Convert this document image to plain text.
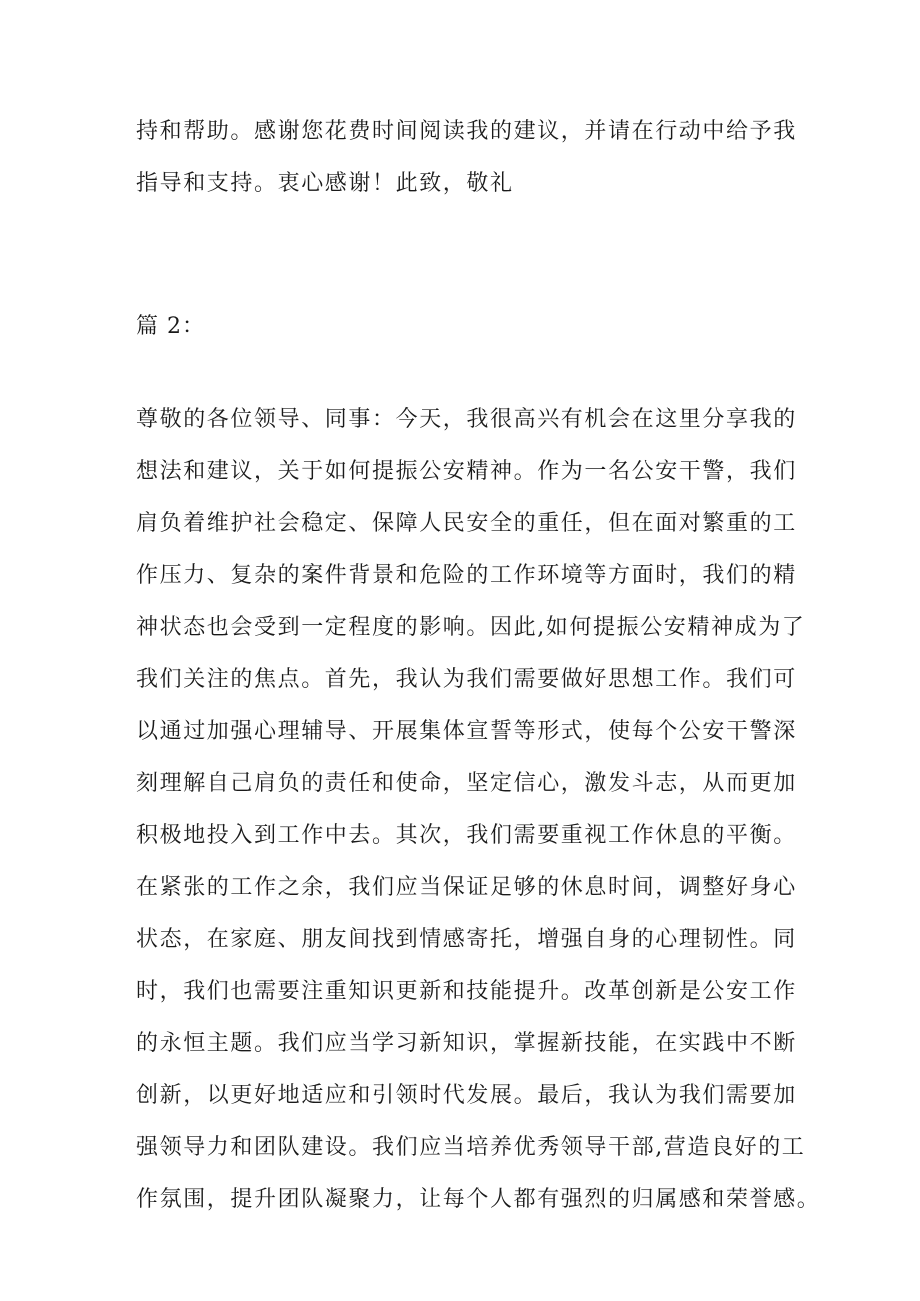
持和帮助。感谢您花费时间阅读我的建议，并请在行动中给予我
指导和支持。衷心感谢！此致，敬礼
篇 2：
尊敬的各位领导、同事：今天，我很高兴有机会在这里分享我的
想法和建议，关于如何提振公安精神。作为一名公安干警，我们
肩负着维护社会稳定、保障人民安全的重任，但在面对繁重的工
作压力、复杂的案件背景和危险的工作环境等方面时，我们的精
神状态也会受到一定程度的影响。因此,如何提振公安精神成为了
我们关注的焦点。首先，我认为我们需要做好思想工作。我们可
以通过加强心理辅导、开展集体宣誓等形式，使每个公安干警深
刻理解自己肩负的责任和使命，坚定信心，激发斗志，从而更加
积极地投入到工作中去。其次，我们需要重视工作休息的平衡。
在紧张的工作之余，我们应当保证足够的休息时间，调整好身心
状态，在家庭、朋友间找到情感寄托，增强自身的心理韧性。同
时，我们也需要注重知识更新和技能提升。改革创新是公安工作
的永恒主题。我们应当学习新知识，掌握新技能，在实践中不断
创新，以更好地适应和引领时代发展。最后，我认为我们需要加
强领导力和团队建设。我们应当培养优秀领导干部,营造良好的工
作氛围，提升团队凝聚力，让每个人都有强烈的归属感和荣誉感。
